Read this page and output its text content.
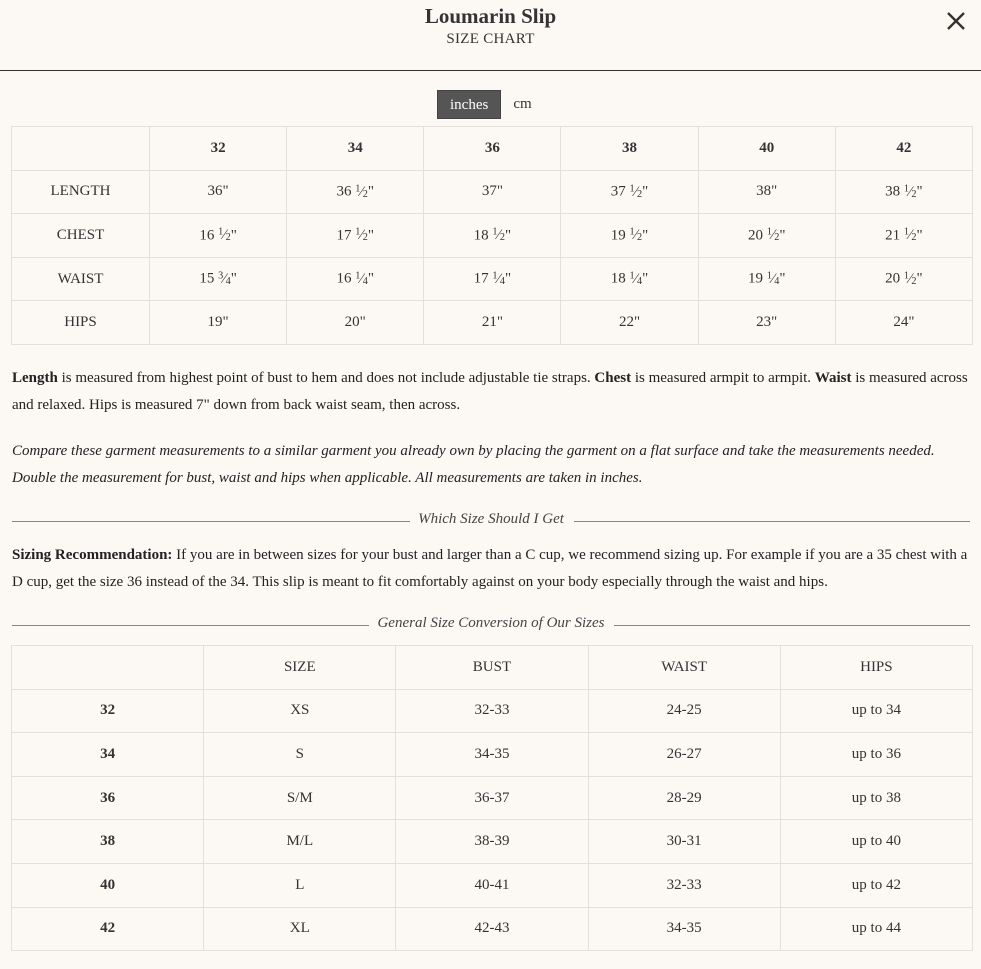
Loumarin Slip
SIZE CHART
inches	cm
	32	34	36	38	40	42
LENGTH	36"	36 $^1⁄_2$"	37"	37 $^1⁄_2$"	38"	38 $^1⁄_2$"
CHEST	16 $^1⁄_2$"	17 $^1⁄_2$"	18 $^1⁄_2$"	19 $^1⁄_2$"	20 $^1⁄_2$"	21 $^1⁄_2$"
WAIST	15 $^3⁄_4$"	16 $^1⁄_4$"	17 $^1⁄_4$"	18 $^1⁄_4$"	19 $^1⁄_4$"	20 $^1⁄_2$"
HIPS	19"	20"	21"	22"	23"	24"
Length is measured from highest point of bust to hem and does not include adjustable tie straps. Chest is measured armpit to armpit. Waist is measured across and relaxed. Hips is measured 7" down from back waist seam, then across.
Compare these garment measurements to a similar garment you already own by placing the garment on a flat surface and take the measurements needed. Double the measurement for bust, waist and hips when applicable. All measurements are taken in inches.
Which Size Should I Get
Sizing Recommendation: If you are in between sizes for your bust and larger than a C cup, we recommend sizing up. For example if you are a 35 chest with a D cup, get the size 36 instead of the 34. This slip is meant to fit comfortably against on your body especially through the waist and hips.
General Size Conversion of Our Sizes
	SIZE	BUST	WAIST	HIPS
32	XS	32-33	24-25	up to 34
34	S	34-35	26-27	up to 36
36	S/M	36-37	28-29	up to 38
38	M/L	38-39	30-31	up to 40
40	L	40-41	32-33	up to 42
42	XL	42-43	34-35	up to 44
